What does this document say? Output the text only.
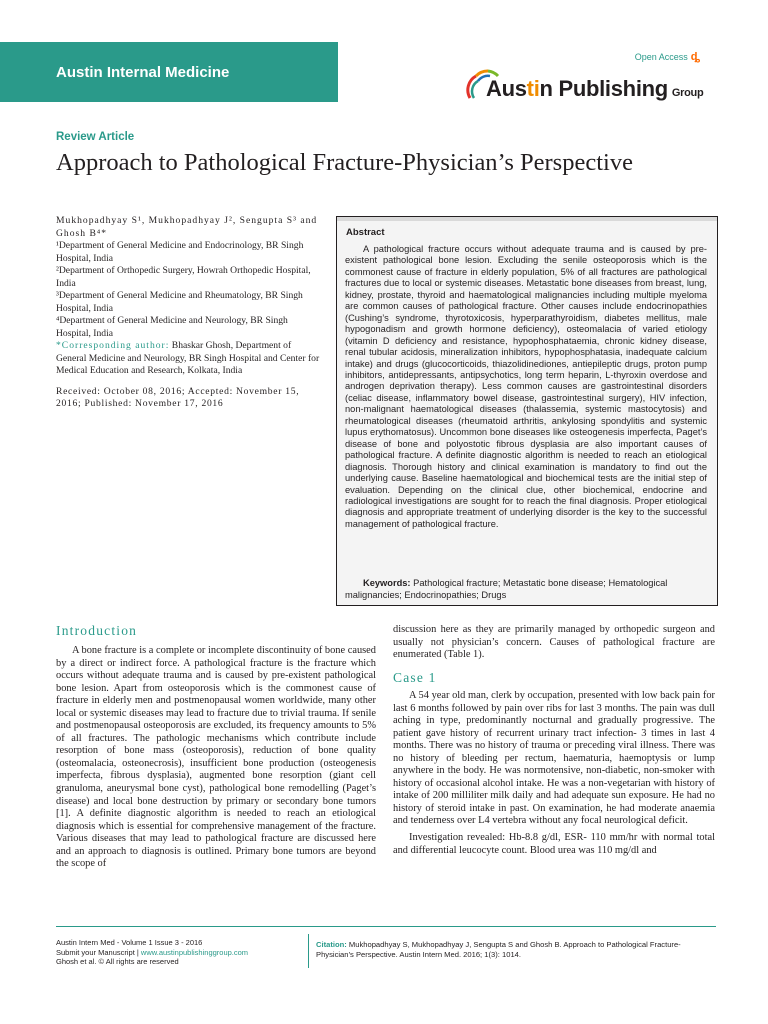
Austin Internal Medicine
Open Access ȡ
Austin Publishing Group
Review Article
Approach to Pathological Fracture-Physician’s Perspective

Mukhopadhyay S¹, Mukhopadhyay J², Sengupta S³ and Ghosh B⁴*

¹Department of General Medicine and Endocrinology, BR Singh Hospital, India

²Department of Orthopedic Surgery, Howrah Orthopedic Hospital, India

³Department of General Medicine and Rheumatology, BR Singh Hospital, India

⁴Department of General Medicine and Neurology, BR Singh Hospital, India

*Corresponding author: Bhaskar Ghosh, Department of General Medicine and Neurology, BR Singh Hospital and Center for Medical Education and Research, Kolkata, India

Received: October 08, 2016; Accepted: November 15, 2016; Published: November 17, 2016

Abstract

A pathological fracture occurs without adequate trauma and is caused by pre-existent pathological bone lesion. Excluding the senile osteoporosis which is the commonest cause of fracture in elderly population, 5% of all fractures are pathological fractures due to local or systemic diseases. Metastatic bone diseases from breast, lung, kidney, prostate, thyroid and haematological malignancies including multiple myeloma are common causes of pathological fracture. Other causes include endocrinopathies (Cushing’s syndrome, thyrotoxicosis, hyperparathyroidism, diabetes mellitus, male hypogonadism and growth hormone deficiency), osteomalacia of varied etiology (vitamin D deficiency and resistance, hypophosphataemia, chronic kidney disease, renal tubular acidosis, mineralization inhibitors, hypophosphatasia, inadequate calcium intake) and drugs (glucocorticoids, thiazolidinediones, antiepileptic drugs, proton pump inhibitors, antidepressants, antipsychotics, long term heparin, L-thyroxin overdose and androgen deprivation therapy). Less common causes are gastrointestinal disorders (celiac disease, inflammatory bowel disease, gastrointestinal surgery), HIV infection, non-malignant haematological diseases (thalassemia, systemic mastocytosis) and rheumatological diseases (rheumatoid arthritis, ankylosing spondylitis and systemic lupus erythomatosus). Uncommon bone diseases like osteogenesis imperfecta, Paget’s disease of bone and polyostotic fibrous dysplasia are also important causes of pathological fracture. A definite diagnostic algorithm is needed to reach an etiological diagnosis. Thorough history and clinical examination is mandatory to find out the underlying cause. Baseline haematological and biochemical tests are the initial step of evaluation. Depending on the clinical clue, other biochemical, endocrine and radiological investigations are sought for to reach the final diagnosis. Proper etiological diagnosis and appropriate treatment of underlying disorder is the key to the successful management of pathological fracture.

Keywords: Pathological fracture; Metastatic bone disease; Hematological malignancies; Endocrinopathies; Drugs

Introduction

A bone fracture is a complete or incomplete discontinuity of bone caused by a direct or indirect force. A pathological fracture is the fracture which occurs without adequate trauma and is caused by pre-existent pathological bone lesion. Apart from osteoporosis which is the commonest cause of fracture in elderly men and postmenopausal women worldwide, many other local or systemic diseases may lead to fracture due to trivial trauma. If senile and postmenopausal osteoporosis are excluded, its frequency amounts to 5% of all fractures. The pathologic mechanisms which contribute include resorption of bone mass (osteoporosis), reduction of bone quality (osteomalacia, osteonecrosis), insufficient bone production (osteogenesis imperfecta, fibrous dysplasia), augmented bone resorption (giant cell granuloma, aneurysmal bone cyst), pathological bone remodelling (Paget’s disease) and local bone destruction by primary or secondary bone tumors [1]. A definite diagnostic algorithm is needed to reach an etiological diagnosis which is essential for comprehensive management of the fracture. Various diseases that may lead to pathological fracture are discussed here and an approach to diagnosis is outlined. Primary bone tumors are beyond the scope of

discussion here as they are primarily managed by orthopedic surgeon and usually not physician’s concern. Causes of pathological fracture are enumerated (Table 1).

Case 1

A 54 year old man, clerk by occupation, presented with low back pain for last 6 months followed by pain over ribs for last 3 months. The pain was dull aching in type, predominantly nocturnal and gradually progressive. The patient gave history of recurrent urinary tract infection- 3 times in last 4 months. There was no history of trauma or preceding viral illness. There was no history of bleeding per rectum, haematuria, haemoptysis or lump anywhere in the body. He was normotensive, non-diabetic, non-smoker with history of occasional alcohol intake. He was a non-vegetarian with history of intake of 200 milliliter milk daily and had adequate sun exposure. He had no history of steroid intake in past. On examination, he had moderate anaemia and tenderness over L4 vertebra without any focal neurological deficit.

Investigation revealed: Hb-8.8 g/dl, ESR- 110 mm/hr with normal total and differential leucocyte count. Blood urea was 110 mg/dl and

Austin Intern Med - Volume 1 Issue 3 - 2016
Submit your Manuscript | www.austinpublishinggroup.com
Ghosh et al. © All rights are reserved
Citation: Mukhopadhyay S, Mukhopadhyay J, Sengupta S and Ghosh B. Approach to Pathological Fracture-Physician’s Perspective. Austin Intern Med. 2016; 1(3): 1014.
